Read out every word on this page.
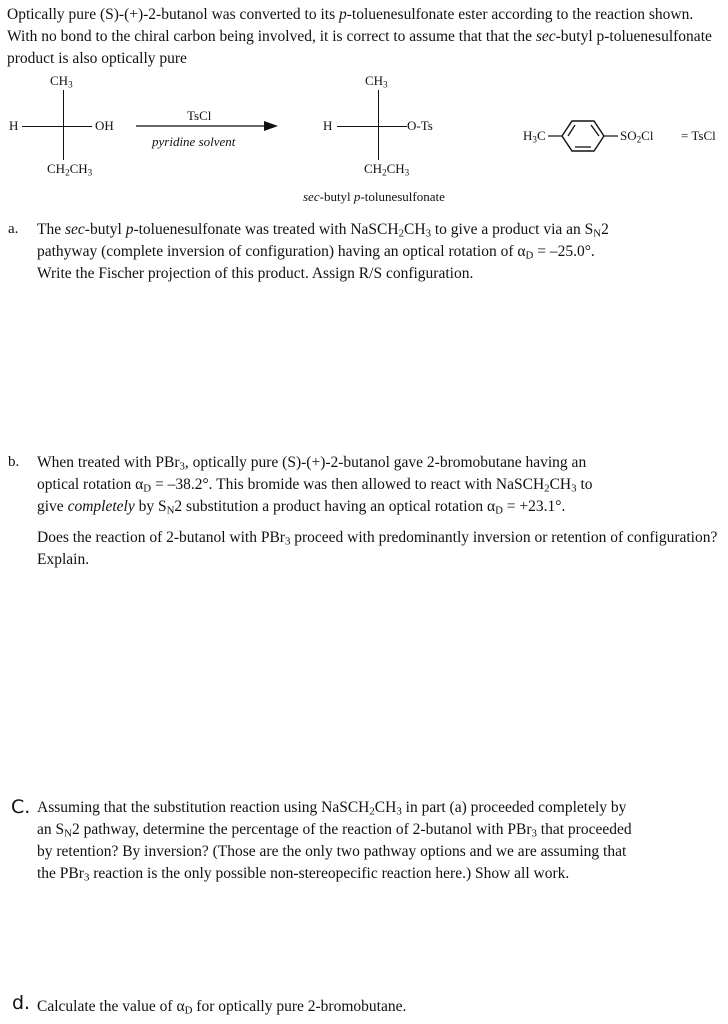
Optically pure (S)-(+)-2-butanol was converted to its p-toluenesulfonate ester according to the reaction shown. With no bond to the chiral carbon being involved, it is correct to assume that that the sec-butyl p-toluenesulfonate product is also optically pure
$CH_3$
H	OH
$CH_2CH_3$
TsCl
pyridine solvent
$CH_3$
H	O-Ts
$CH_2CH_3$
sec-butyl p-tolunesulfonate
$H_3C$	$SO_2Cl$ = TsCl
a. The sec-butyl p-toluenesulfonate was treated with $NaSCH_2CH_3$ to give a product via an $S_N2$
pathyway (complete inversion of configuration) having an optical rotation of $\alpha_D = -25.0^\circ$.
Write the Fischer projection of this product. Assign R/S configuration.
b. When treated with PBr$_3$, optically pure (S)-(+)-2-butanol gave 2-bromobutane having an
optical rotation $\alpha_D = -38.2^\circ$. This bromide was then allowed to react with $NaSCH_2CH_3$ to
give completely by $S_N2$ substitution a product having an optical rotation $\alpha_D = +23.1^\circ$.
Does the reaction of 2-butanol with PBr$_3$ proceed with predominantly inversion or retention of configuration? Explain.
C. Assuming that the substitution reaction using $NaSCH_2CH_3$ in part (a) proceeded completely by
an $S_N2$ pathway, determine the percentage of the reaction of 2-butanol with PBr$_3$ that proceeded
by retention? By inversion? (Those are the only two pathway options and we are assuming that
the PBr$_3$ reaction is the only possible non-stereopecific reaction here.) Show all work.
d. Calculate the value of $\alpha_D$ for optically pure 2-bromobutane.
